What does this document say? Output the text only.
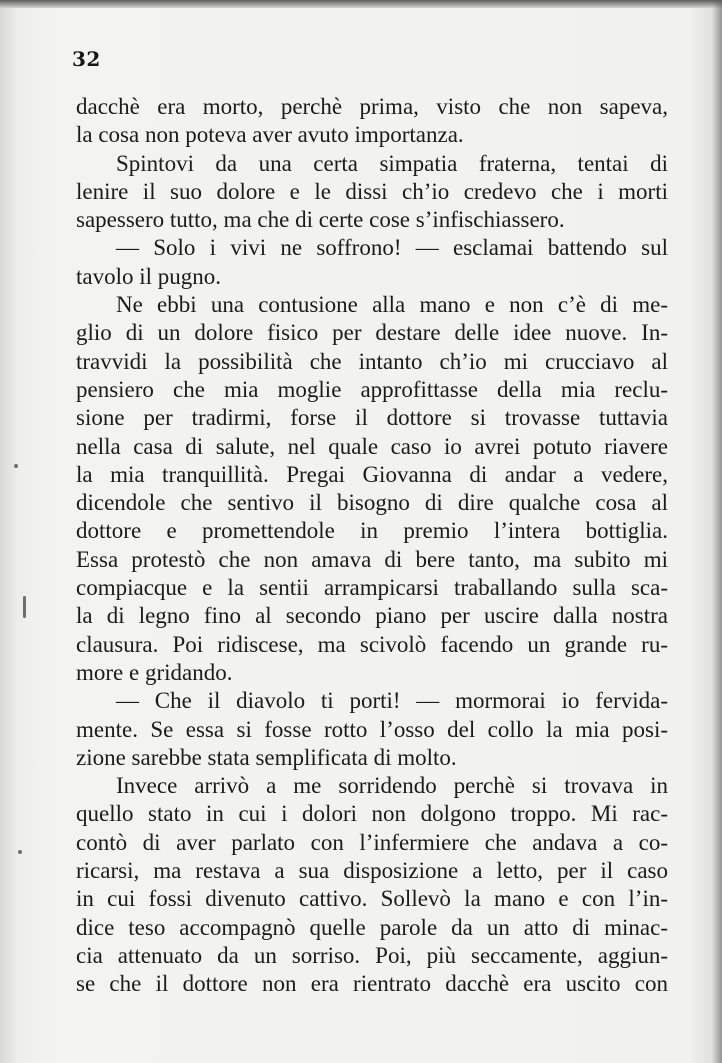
32
dacchè era morto, perchè prima, visto che non sapeva,
la cosa non poteva aver avuto importanza.
Spintovi da una certa simpatia fraterna, tentai di
lenire il suo dolore e le dissi ch’io credevo che i morti
sapessero tutto, ma che di certe cose s’infischiassero.
— Solo i vivi ne soffrono! — esclamai battendo sul
tavolo il pugno.
Ne ebbi una contusione alla mano e non c’è di me-
glio di un dolore fisico per destare delle idee nuove. In-
travvidi la possibilità che intanto ch’io mi crucciavo al
pensiero che mia moglie approfittasse della mia reclu-
sione per tradirmi, forse il dottore si trovasse tuttavia
nella casa di salute, nel quale caso io avrei potuto riavere
la mia tranquillità. Pregai Giovanna di andar a vedere,
dicendole che sentivo il bisogno di dire qualche cosa al
dottore e promettendole in premio l’intera bottiglia.
Essa protestò che non amava di bere tanto, ma subito mi
compiacque e la sentii arrampicarsi traballando sulla sca-
la di legno fino al secondo piano per uscire dalla nostra
clausura. Poi ridiscese, ma scivolò facendo un grande ru-
more e gridando.
— Che il diavolo ti porti! — mormorai io fervida-
mente. Se essa si fosse rotto l’osso del collo la mia posi-
zione sarebbe stata semplificata di molto.
Invece arrivò a me sorridendo perchè si trovava in
quello stato in cui i dolori non dolgono troppo. Mi rac-
contò di aver parlato con l’infermiere che andava a co-
ricarsi, ma restava a sua disposizione a letto, per il caso
in cui fossi divenuto cattivo. Sollevò la mano e con l’in-
dice teso accompagnò quelle parole da un atto di minac-
cia attenuato da un sorriso. Poi, più seccamente, aggiun-
se che il dottore non era rientrato dacchè era uscito con
